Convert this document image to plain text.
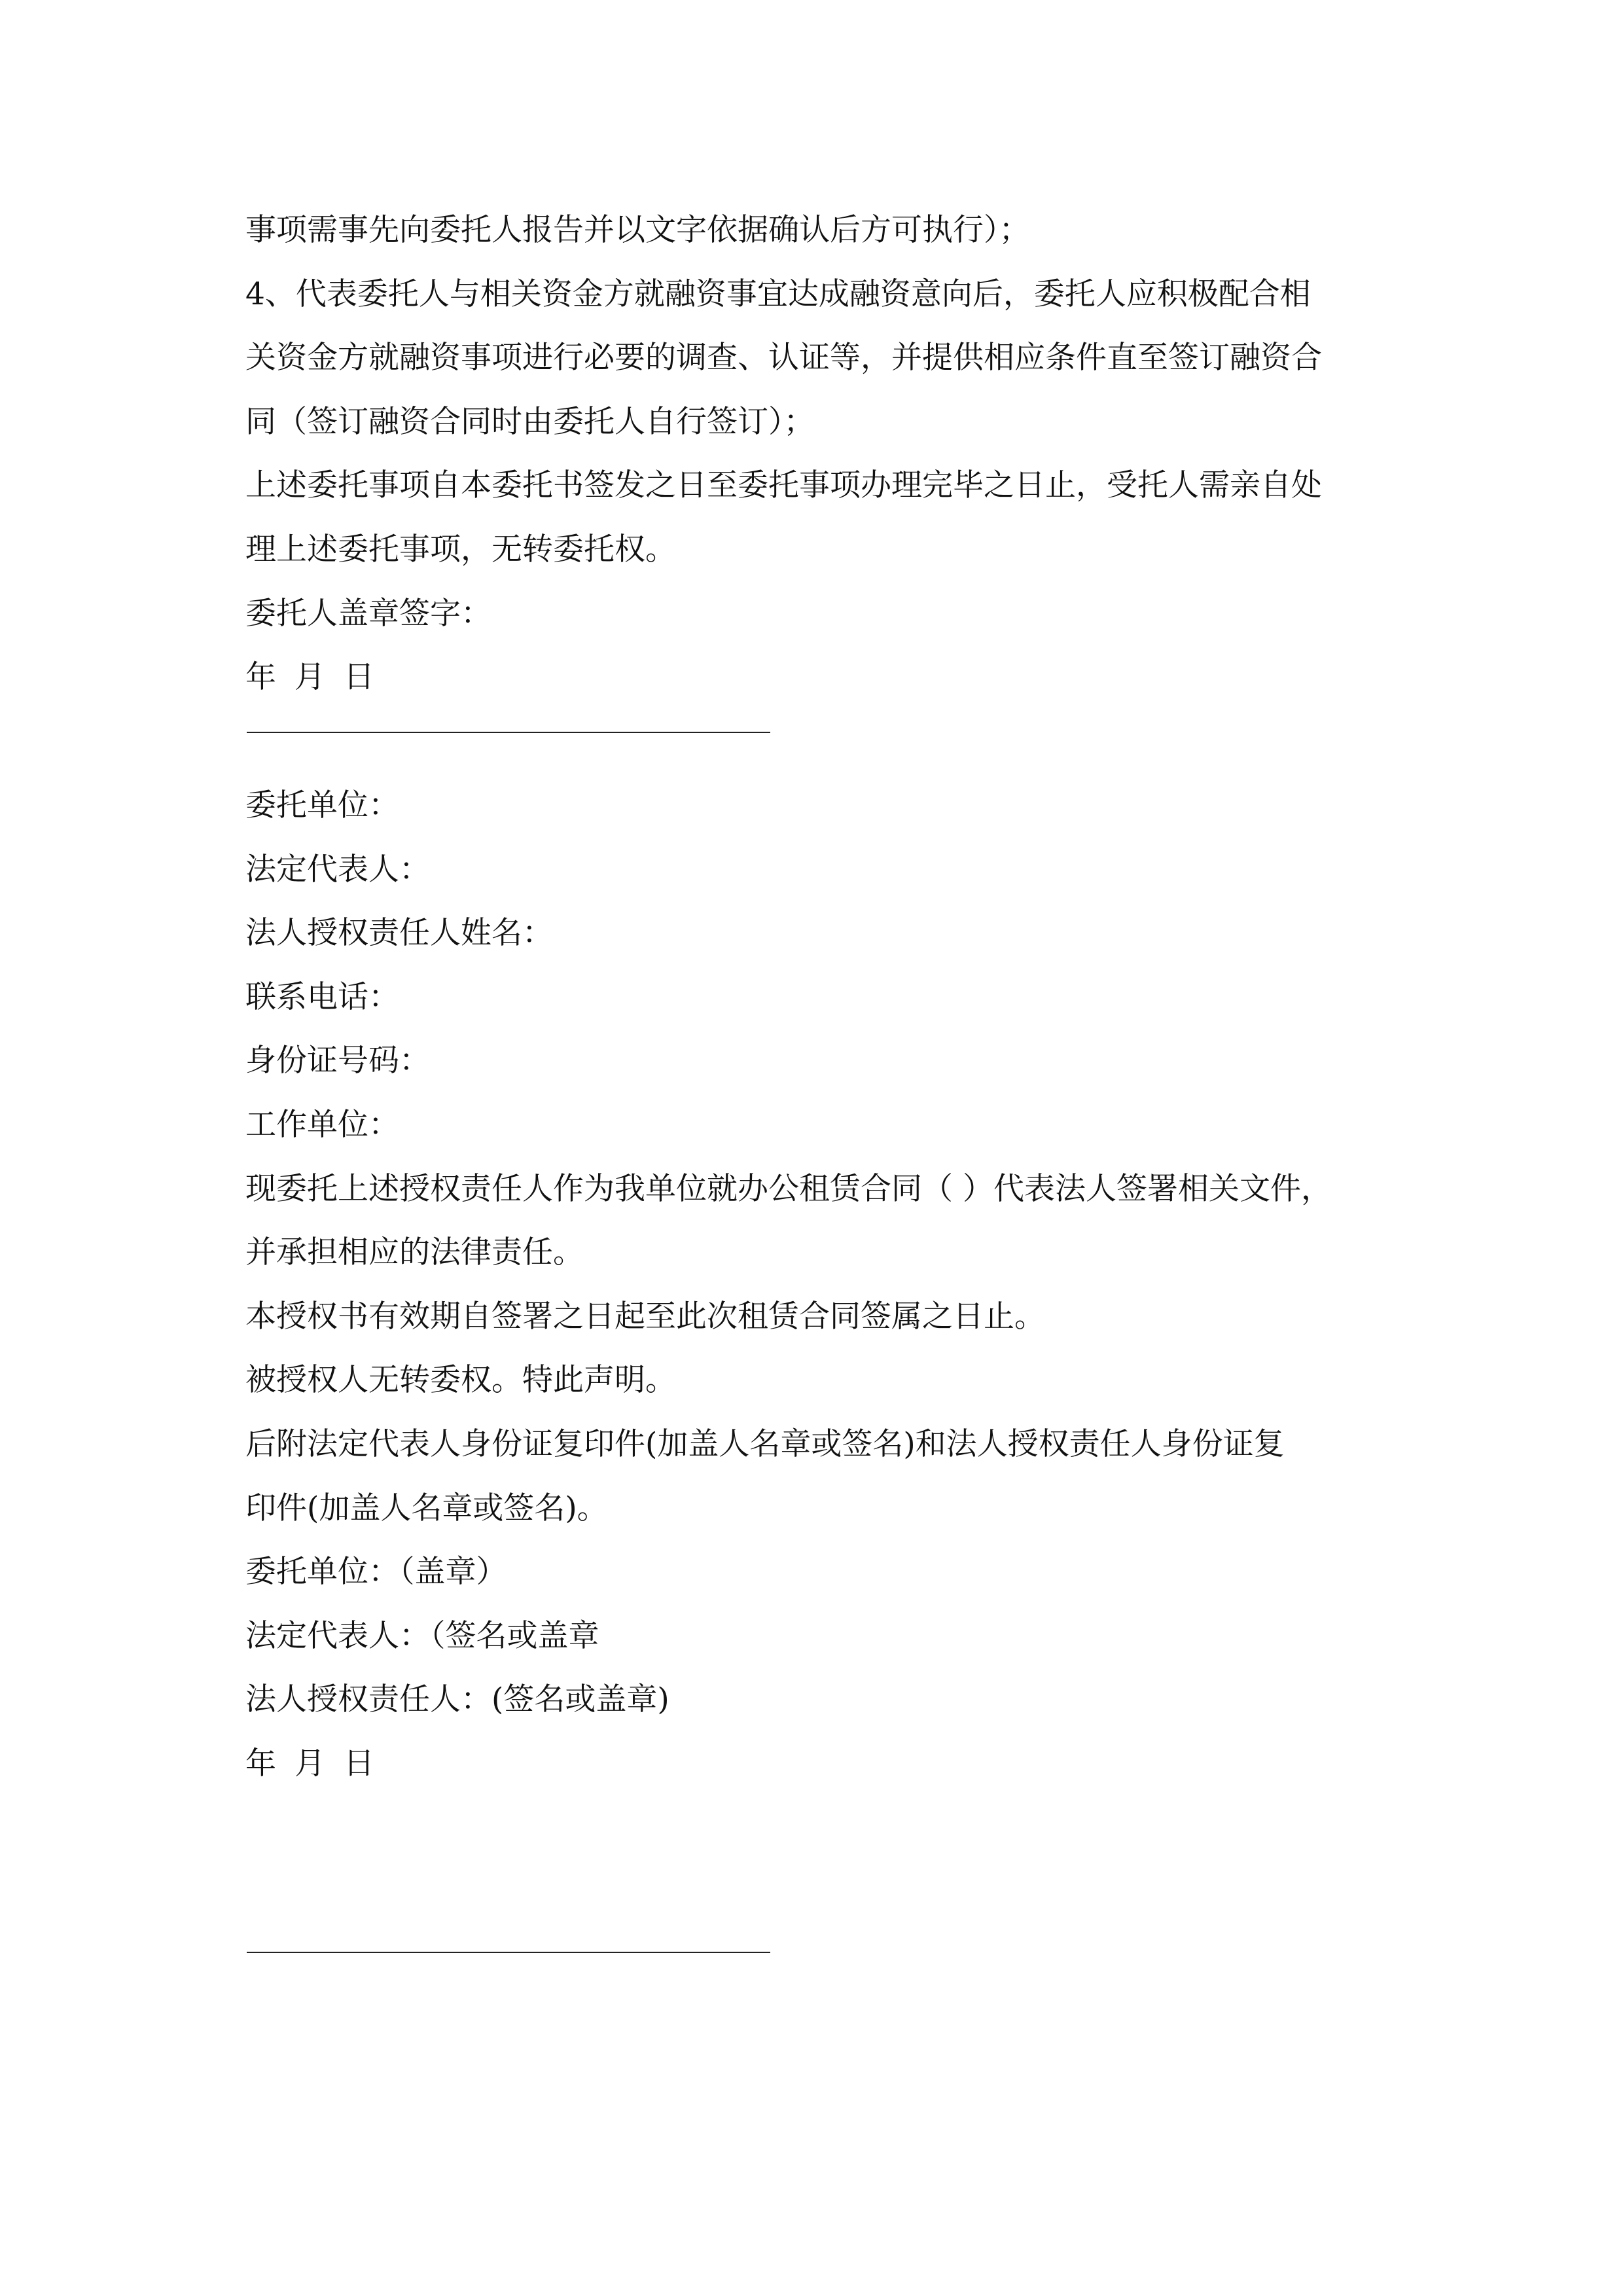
事项需事先向委托人报告并以文字依据确认后方可执行）；
4、代表委托人与相关资金方就融资事宜达成融资意向后，委托人应积极配合相
关资金方就融资事项进行必要的调查、认证等，并提供相应条件直至签订融资合
同（签订融资合同时由委托人自行签订）；
上述委托事项自本委托书签发之日至委托事项办理完毕之日止，受托人需亲自处
理上述委托事项，无转委托权。
委托人盖章签字：
年 月 日
委托单位：
法定代表人：
法人授权责任人姓名：
联系电话：
身份证号码：
工作单位：
现委托上述授权责任人作为我单位就办公租赁合同（ ）代表法人签署相关文件，
并承担相应的法律责任。
本授权书有效期自签署之日起至此次租赁合同签属之日止。
被授权人无转委权。特此声明。
后附法定代表人身份证复印件(加盖人名章或签名)和法人授权责任人身份证复
印件(加盖人名章或签名)。
委托单位：（盖章）
法定代表人：（签名或盖章
法人授权责任人：(签名或盖章)
年 月 日
